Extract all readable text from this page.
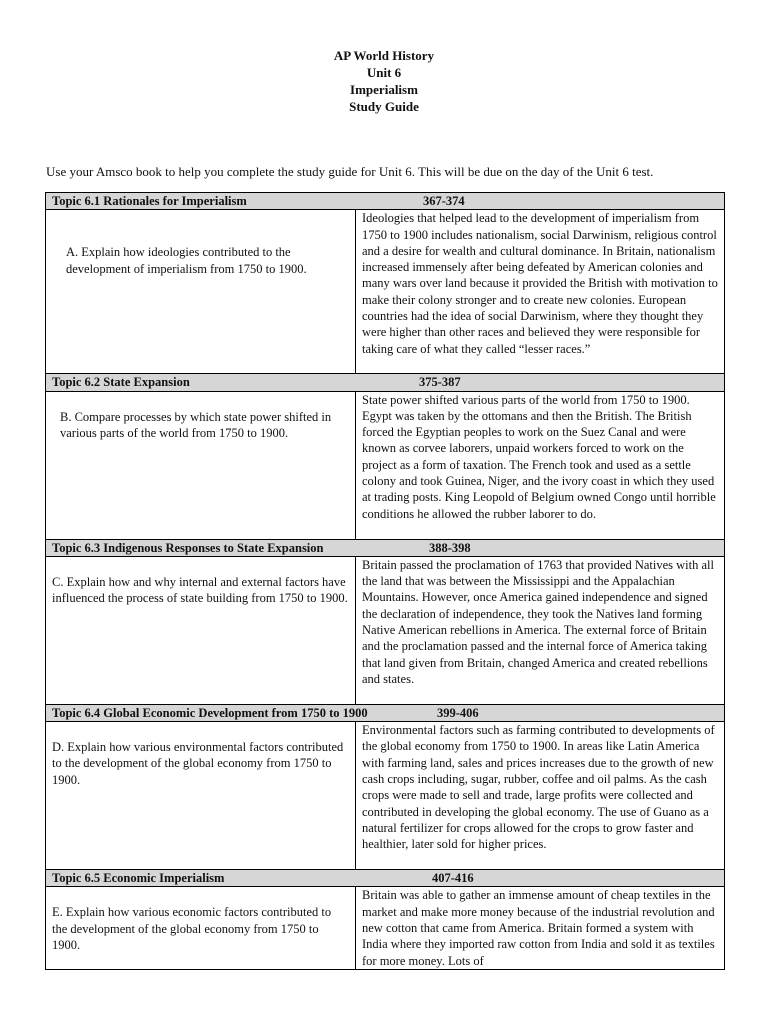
AP World History
Unit 6
Imperialism
Study Guide
Use your Amsco book to help you complete the study guide for Unit 6. This will be due on the day of the Unit 6 test.
Topic 6.1 Rationales for Imperialism 367-374	

A. Explain how ideologies contributed to the development of imperialism from 1750 to 1900.	Ideologies that helped lead to the development of imperialism from 1750 to 1900 includes nationalism, social Darwinism, religious control and a desire for wealth and cultural dominance. In Britain, nationalism increased immensely after being defeated by American colonies and many wars over land because it provided the British with motivation to make their colony stronger and to create new colonies. European countries had the idea of social Darwinism, where they thought they were higher than other races and believed they were responsible for taking care of what they called “lesser races.”
Topic 6.2 State Expansion 375-387	

B. Compare processes by which state power shifted in various parts of the world from 1750 to 1900.	State power shifted various parts of the world from 1750 to 1900. Egypt was taken by the ottomans and then the British. The British forced the Egyptian peoples to work on the Suez Canal and were known as corvee laborers, unpaid workers forced to work on the project as a form of taxation. The French took and used as a settle colony and took Guinea, Niger, and the ivory coast in which they used at trading posts. King Leopold of Belgium owned Congo until horrible conditions he allowed the rubber laborer to do.
Topic 6.3 Indigenous Responses to State Expansion 388-398	

C. Explain how and why internal and external factors have influenced the process of state building from 1750 to 1900.	Britain passed the proclamation of 1763 that provided Natives with all the land that was between the Mississippi and the Appalachian Mountains. However, once America gained independence and signed the declaration of independence, they took the Natives land forming Native American rebellions in America. The external force of Britain and the proclamation passed and the internal force of America taking that land given from Britain, changed America and created rebellions and states.
Topic 6.4 Global Economic Development from 1750 to 1900 399-406	

D. Explain how various environmental factors contributed to the development of the global economy from 1750 to 1900.	Environmental factors such as farming contributed to developments of the global economy from 1750 to 1900. In areas like Latin America with farming land, sales and prices increases due to the growth of new cash crops including, sugar, rubber, coffee and oil palms. As the cash crops were made to sell and trade, large profits were collected and contributed in developing the global economy. The use of Guano as a natural fertilizer for crops allowed for the crops to grow faster and healthier, later sold for higher prices.
Topic 6.5 Economic Imperialism 407-416	

E. Explain how various economic factors contributed to the development of the global economy from 1750 to 1900.	Britain was able to gather an immense amount of cheap textiles in the market and make more money because of the industrial revolution and new cotton that came from America. Britain formed a system with India where they imported raw cotton from India and sold it as textiles for more money. Lots of
